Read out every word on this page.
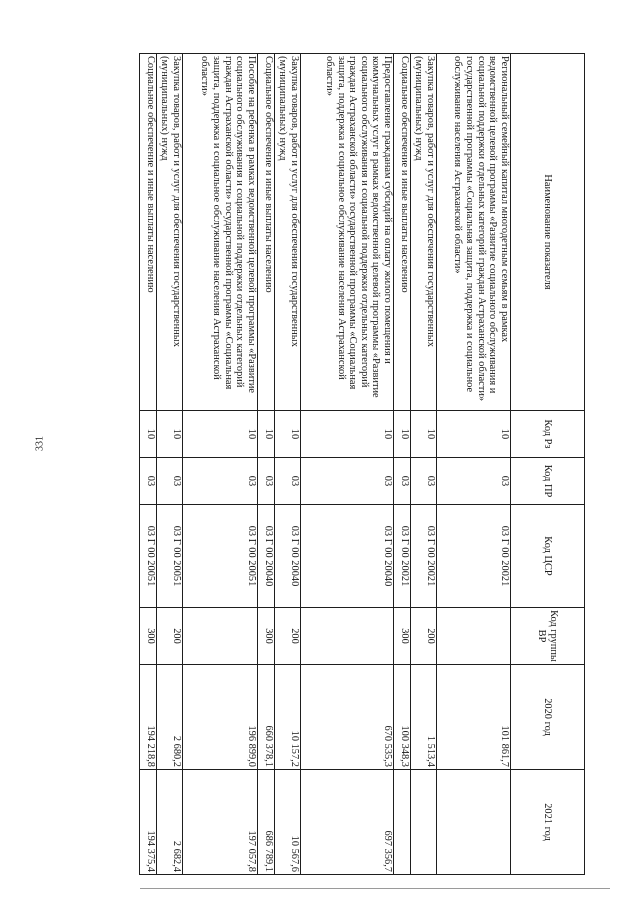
331
Наименование показателя	Код Рз	Код ПР	Код ЦСР	Код группы ВР	2020 год	2021 год
Региональный семейный капитал многодетным семьям в рамках ведомственной целевой программы «Развитие социального обслуживания и социальной поддержки отдельных категорий граждан Астраханской области» государственной программы «Социальная защита, поддержка и социальное обслуживание населения Астраханской области»	10	03	03 Г 00 20021		101 861,7	
Закупка товаров, работ и услуг для обеспечения государственных (муниципальных) нужд	10	03	03 Г 00 20021	200	1 513,4	
Социальное обеспечение и иные выплаты населению	10	03	03 Г 00 20021	300	100 348,3	
Предоставление гражданам субсидий на оплату жилого помещения и коммунальных услуг в рамках ведомственной целевой программы «Развитие социального обслуживания и социальной поддержки отдельных категорий граждан Астраханской области» государственной программы «Социальная защита, поддержка и социальное обслуживание населения Астраханской области»	10	03	03 Г 00 20040		670 535,3	697 356,7
Закупка товаров, работ и услуг для обеспечения государственных (муниципальных) нужд	10	03	03 Г 00 20040	200	10 157,2	10 567,6
Социальное обеспечение и иные выплаты населению	10	03	03 Г 00 20040	300	660 378,1	686 789,1
Пособие на ребенка в рамках ведомственной целевой программы «Развитие социального обслуживания и социальной поддержки отдельных категорий граждан Астраханской области» государственной программы «Социальная защита, поддержка и социальное обслуживание населения Астраханской области»	10	03	03 Г 00 20051		196 899,0	197 057,8
Закупка товаров, работ и услуг для обеспечения государственных (муниципальных) нужд	10	03	03 Г 00 20051	200	2 680,2	2 682,4
Социальное обеспечение и иные выплаты населению	10	03	03 Г 00 20051	300	194 218,8	194 375,4
